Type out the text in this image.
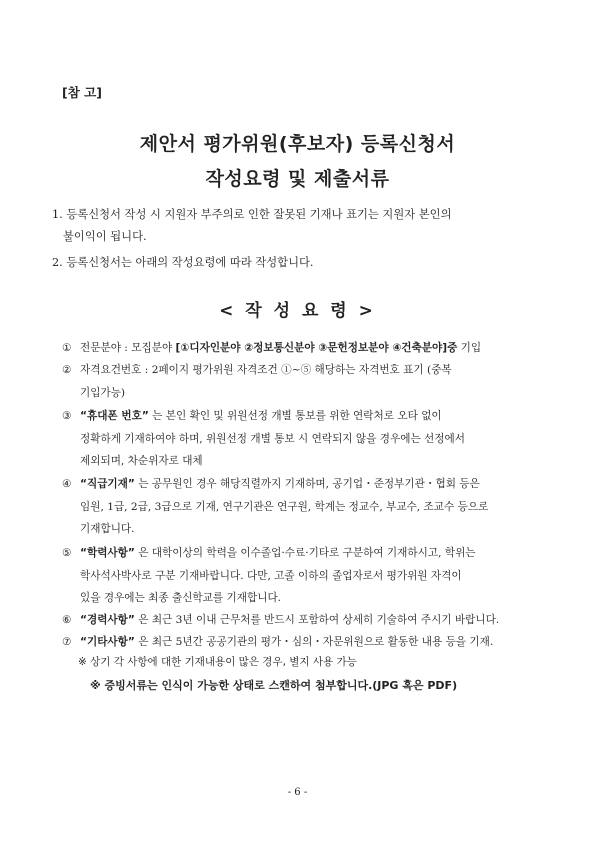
[참 고]
제안서 평가위원(후보자) 등록신청서
작성요령 및 제출서류
1. 등록신청서 작성 시 지원자 부주의로 인한 잘못된 기재나 표기는 지원자 본인의
불이익이 됩니다.
2. 등록신청서는 아래의 작성요령에 따라 작성합니다.
< 작 성 요 령 >
① 전문분야 : 모집분야 [①디자인분야 ②정보통신분야 ③문헌정보분야 ④건축분야]중 기입
② 자격요건번호 : 2페이지 평가위원 자격조건 ①~⑤ 해당하는 자격번호 표기 (중복
기입가능)
③ “휴대폰 번호” 는 본인 확인 및 위원선정 개별 통보를 위한 연락처로 오타 없이
정확하게 기재하여야 하며, 위원선정 개별 통보 시 연락되지 않을 경우에는 선정에서
제외되며, 차순위자로 대체
④ “직급기재” 는 공무원인 경우 해당직렬까지 기재하며, 공기업・준정부기관・협회 등은
임원, 1급, 2급, 3급으로 기재, 연구기관은 연구원, 학계는 정교수, 부교수, 조교수 등으로
기재합니다.
⑤ “학력사항” 은 대학이상의 학력을 이수졸업·수료·기타로 구분하여 기재하시고, 학위는
학사석사박사로 구분 기재바랍니다. 다만, 고졸 이하의 졸업자로서 평가위원 자격이
있을 경우에는 최종 출신학교를 기재합니다.
⑥ “경력사항” 은 최근 3년 이내 근무처를 반드시 포함하여 상세히 기술하여 주시기 바랍니다.
⑦ “기타사항” 은 최근 5년간 공공기관의 평가・심의・자문위원으로 활동한 내용 등을 기재.
※ 상기 각 사항에 대한 기재내용이 많은 경우, 별지 사용 가능
※ 증빙서류는 인식이 가능한 상태로 스캔하여 첨부합니다.(JPG 혹은 PDF)
- 6 -
